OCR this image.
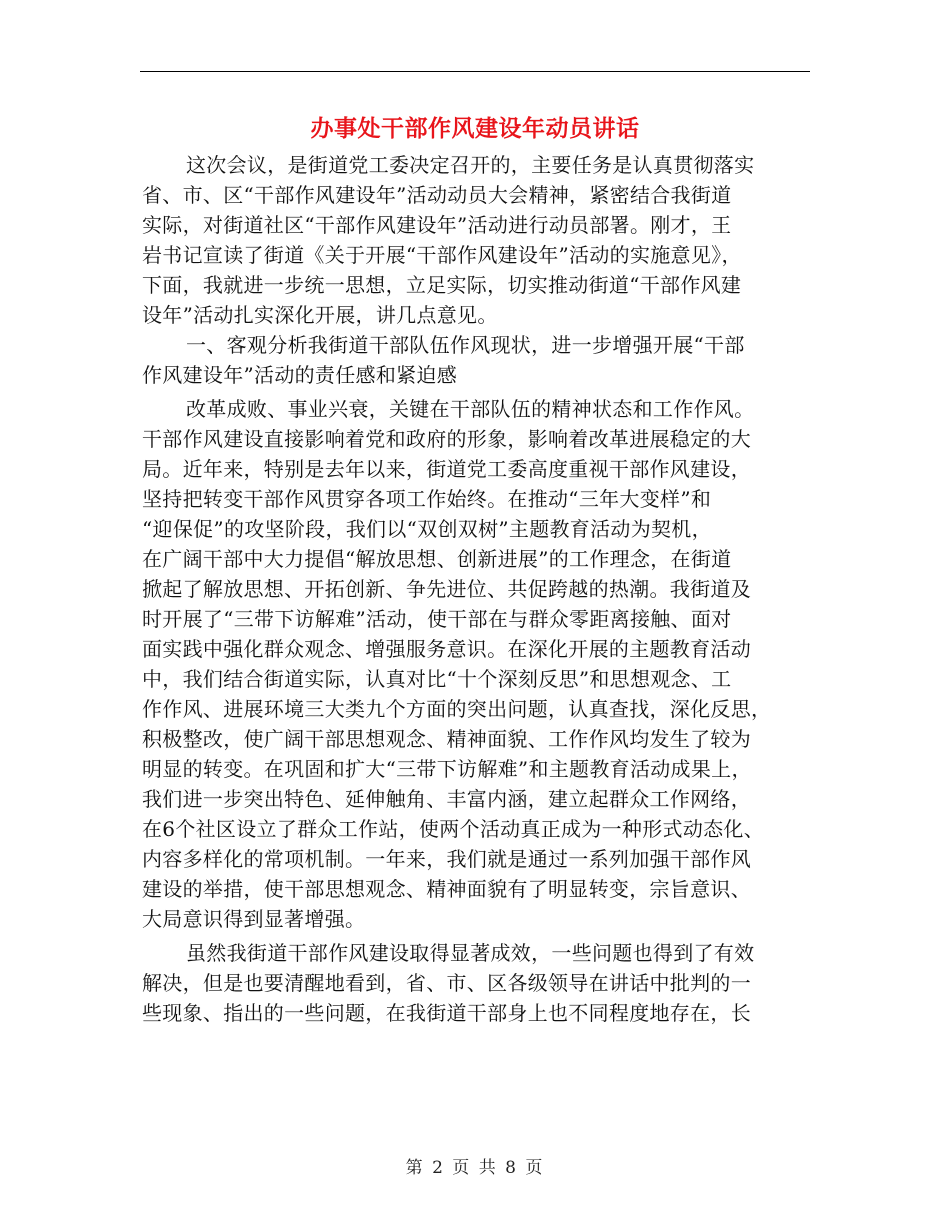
办事处干部作风建设年动员讲话
这次会议，是街道党工委决定召开的，主要任务是认真贯彻落实
省、市、区“干部作风建设年”活动动员大会精神，紧密结合我街道
实际，对街道社区“干部作风建设年”活动进行动员部署。刚才，王
岩书记宣读了街道《关于开展“干部作风建设年”活动的实施意见》，
下面，我就进一步统一思想，立足实际，切实推动街道“干部作风建
设年”活动扎实深化开展，讲几点意见。
一、客观分析我街道干部队伍作风现状，进一步增强开展“干部
作风建设年”活动的责任感和紧迫感
改革成败、事业兴衰，关键在干部队伍的精神状态和工作作风。
干部作风建设直接影响着党和政府的形象，影响着改革进展稳定的大
局。近年来，特别是去年以来，街道党工委高度重视干部作风建设，
坚持把转变干部作风贯穿各项工作始终。在推动“三年大变样”和
“迎保促”的攻坚阶段，我们以“双创双树”主题教育活动为契机，
在广阔干部中大力提倡“解放思想、创新进展”的工作理念，在街道
掀起了解放思想、开拓创新、争先进位、共促跨越的热潮。我街道及
时开展了“三带下访解难”活动，使干部在与群众零距离接触、面对
面实践中强化群众观念、增强服务意识。在深化开展的主题教育活动
中，我们结合街道实际，认真对比“十个深刻反思”和思想观念、工
作作风、进展环境三大类九个方面的突出问题，认真查找，深化反思，
积极整改，使广阔干部思想观念、精神面貌、工作作风均发生了较为
明显的转变。在巩固和扩大“三带下访解难”和主题教育活动成果上，
我们进一步突出特色、延伸触角、丰富内涵，建立起群众工作网络，
在6个社区设立了群众工作站，使两个活动真正成为一种形式动态化、
内容多样化的常项机制。一年来，我们就是通过一系列加强干部作风
建设的举措，使干部思想观念、精神面貌有了明显转变，宗旨意识、
大局意识得到显著增强。
虽然我街道干部作风建设取得显著成效，一些问题也得到了有效
解决，但是也要清醒地看到，省、市、区各级领导在讲话中批判的一
些现象、指出的一些问题，在我街道干部身上也不同程度地存在，长
第 2 页 共 8 页
